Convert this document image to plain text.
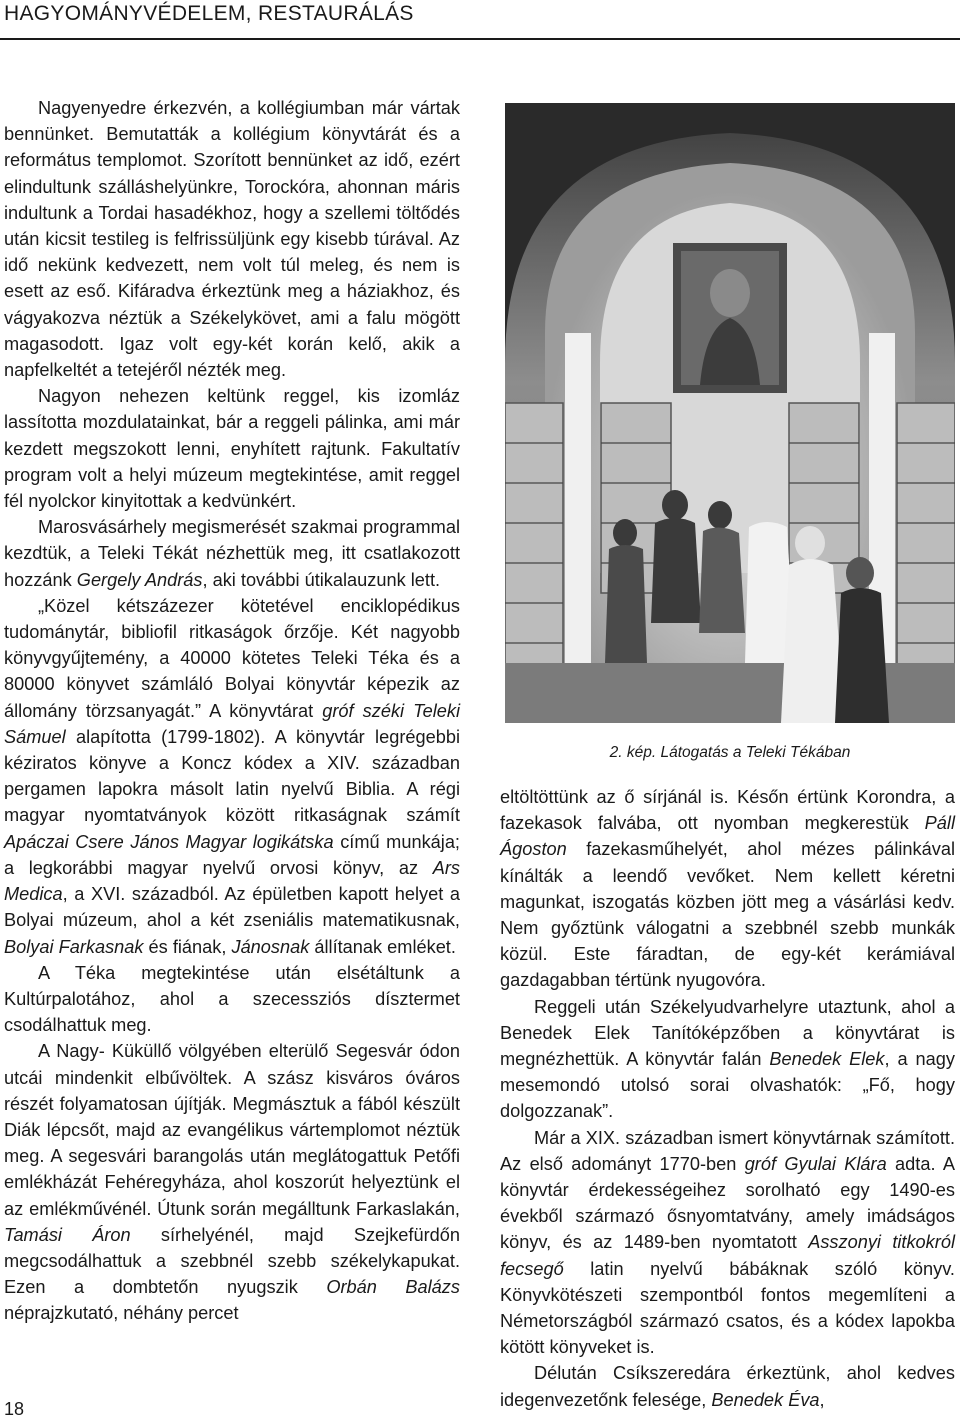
HAGYOMÁNYVÉDELEM, RESTAURÁLÁS

Nagyenyedre érkezvén, a kollégiumban már vártak bennünket. Bemutatták a kollégium könyvtárát és a református templomot. Szorított bennünket az idő, ezért elindultunk szálláshelyünkre, Torockóra, ahonnan máris indultunk a Tordai hasadékhoz, hogy a szellemi töltődés után kicsit testileg is felfrissüljünk egy kisebb túrával. Az idő nekünk kedvezett, nem volt túl meleg, és nem is esett az eső. Kifáradva érkeztünk meg a háziakhoz, és vágyakozva néztük a Székelykövet, ami a falu mögött magasodott. Igaz volt egy-két korán kelő, akik a napfelkeltét a tetejéről nézték meg.

Nagyon nehezen keltünk reggel, kis izomláz lassította mozdulatainkat, bár a reggeli pálinka, ami már kezdett megszokott lenni, enyhített rajtunk. Fakultatív program volt a helyi múzeum megtekintése, amit reggel fél nyolckor kinyitottak a kedvünkért.

Marosvásárhely megismerését szakmai programmal kezdtük, a Teleki Tékát nézhettük meg, itt csatlakozott hozzánk Gergely András, aki további útikalauzunk lett.

„Közel kétszázezer kötetével enciklopédikus tudománytár, bibliofil ritkaságok őrzője. Két nagyobb könyvgyűjtemény, a 40000 kötetes Teleki Téka és a 80000 könyvet számláló Bolyai könyvtár képezik az állomány törzsanyagát.” A könyvtárat gróf széki Teleki Sámuel alapította (1799-1802). A könyvtár legrégebbi kéziratos könyve a Koncz kódex a XIV. században pergamen lapokra másolt latin nyelvű Biblia. A régi magyar nyomtatványok között ritkaságnak számít Apáczai Csere János Magyar logikátska című munkája; a legkorábbi magyar nyelvű orvosi könyv, az Ars Medica, a XVI. századból. Az épületben kapott helyet a Bolyai múzeum, ahol a két zseniális matematikusnak, Bolyai Farkasnak és fiának, Jánosnak állítanak emléket.

A Téka megtekintése után elsétáltunk a Kultúrpalotához, ahol a szecessziós dísztermet csodálhattuk meg.

A Nagy- Küküllő völgyében elterülő Segesvár ódon utcái mindenkit elbűvöltek. A szász kisváros óváros részét folyamatosan újítják. Megmásztuk a fából készült Diák lépcsőt, majd az evangélikus vártemplomot néztük meg. A segesvári barangolás után meglátogattuk Petőfi emlékházát Fehéregyháza, ahol koszorút helyeztünk el az emlékművénél. Útunk során megálltunk Farkaslakán, Tamási Áron sírhelyénél, majd Szejkefürdőn megcsodálhattuk a szebbnél szebb székelykapukat. Ezen a dombtetőn nyugszik Orbán Balázs néprajzkutató, néhány percet

2. kép. Látogatás a Teleki Tékában

eltöltöttünk az ő sírjánál is. Későn értünk Korondra, a fazekasok falvába, ott nyomban megkerestük Páll Ágoston fazekasműhelyét, ahol mézes pálinkával kínálták a leendő vevőket. Nem kellett kéretni magunkat, iszogatás közben jött meg a vásárlási kedv. Nem győztünk válogatni a szebbnél szebb munkák közül. Este fáradtan, de egy-két kerámiával gazdagabban tértünk nyugovóra.

Reggeli után Székelyudvarhelyre utaztunk, ahol a Benedek Elek Tanítóképzőben a könyvtárat is megnézhettük. A könyvtár falán Benedek Elek, a nagy mesemondó utolsó sorai olvashatók: „Fő, hogy dolgozzanak”.

Már a XIX. században ismert könyvtárnak számított. Az első adományt 1770-ben gróf Gyulai Klára adta. A könyvtár érdekességeihez sorolható egy 1490-es évekből származó ősnyomtatvány, amely imádságos könyv, és az 1489-ben nyomtatott Asszonyi titkokról fecsegő latin nyelvű bábáknak szóló könyv. Könyvkötészeti szempontból fontos megemlíteni a Németországból származó csatos, és a kódex lapokba kötött könyveket is.

Délután Csíkszeredára érkeztünk, ahol kedves idegenvezetőnk felesége, Benedek Éva,

18
